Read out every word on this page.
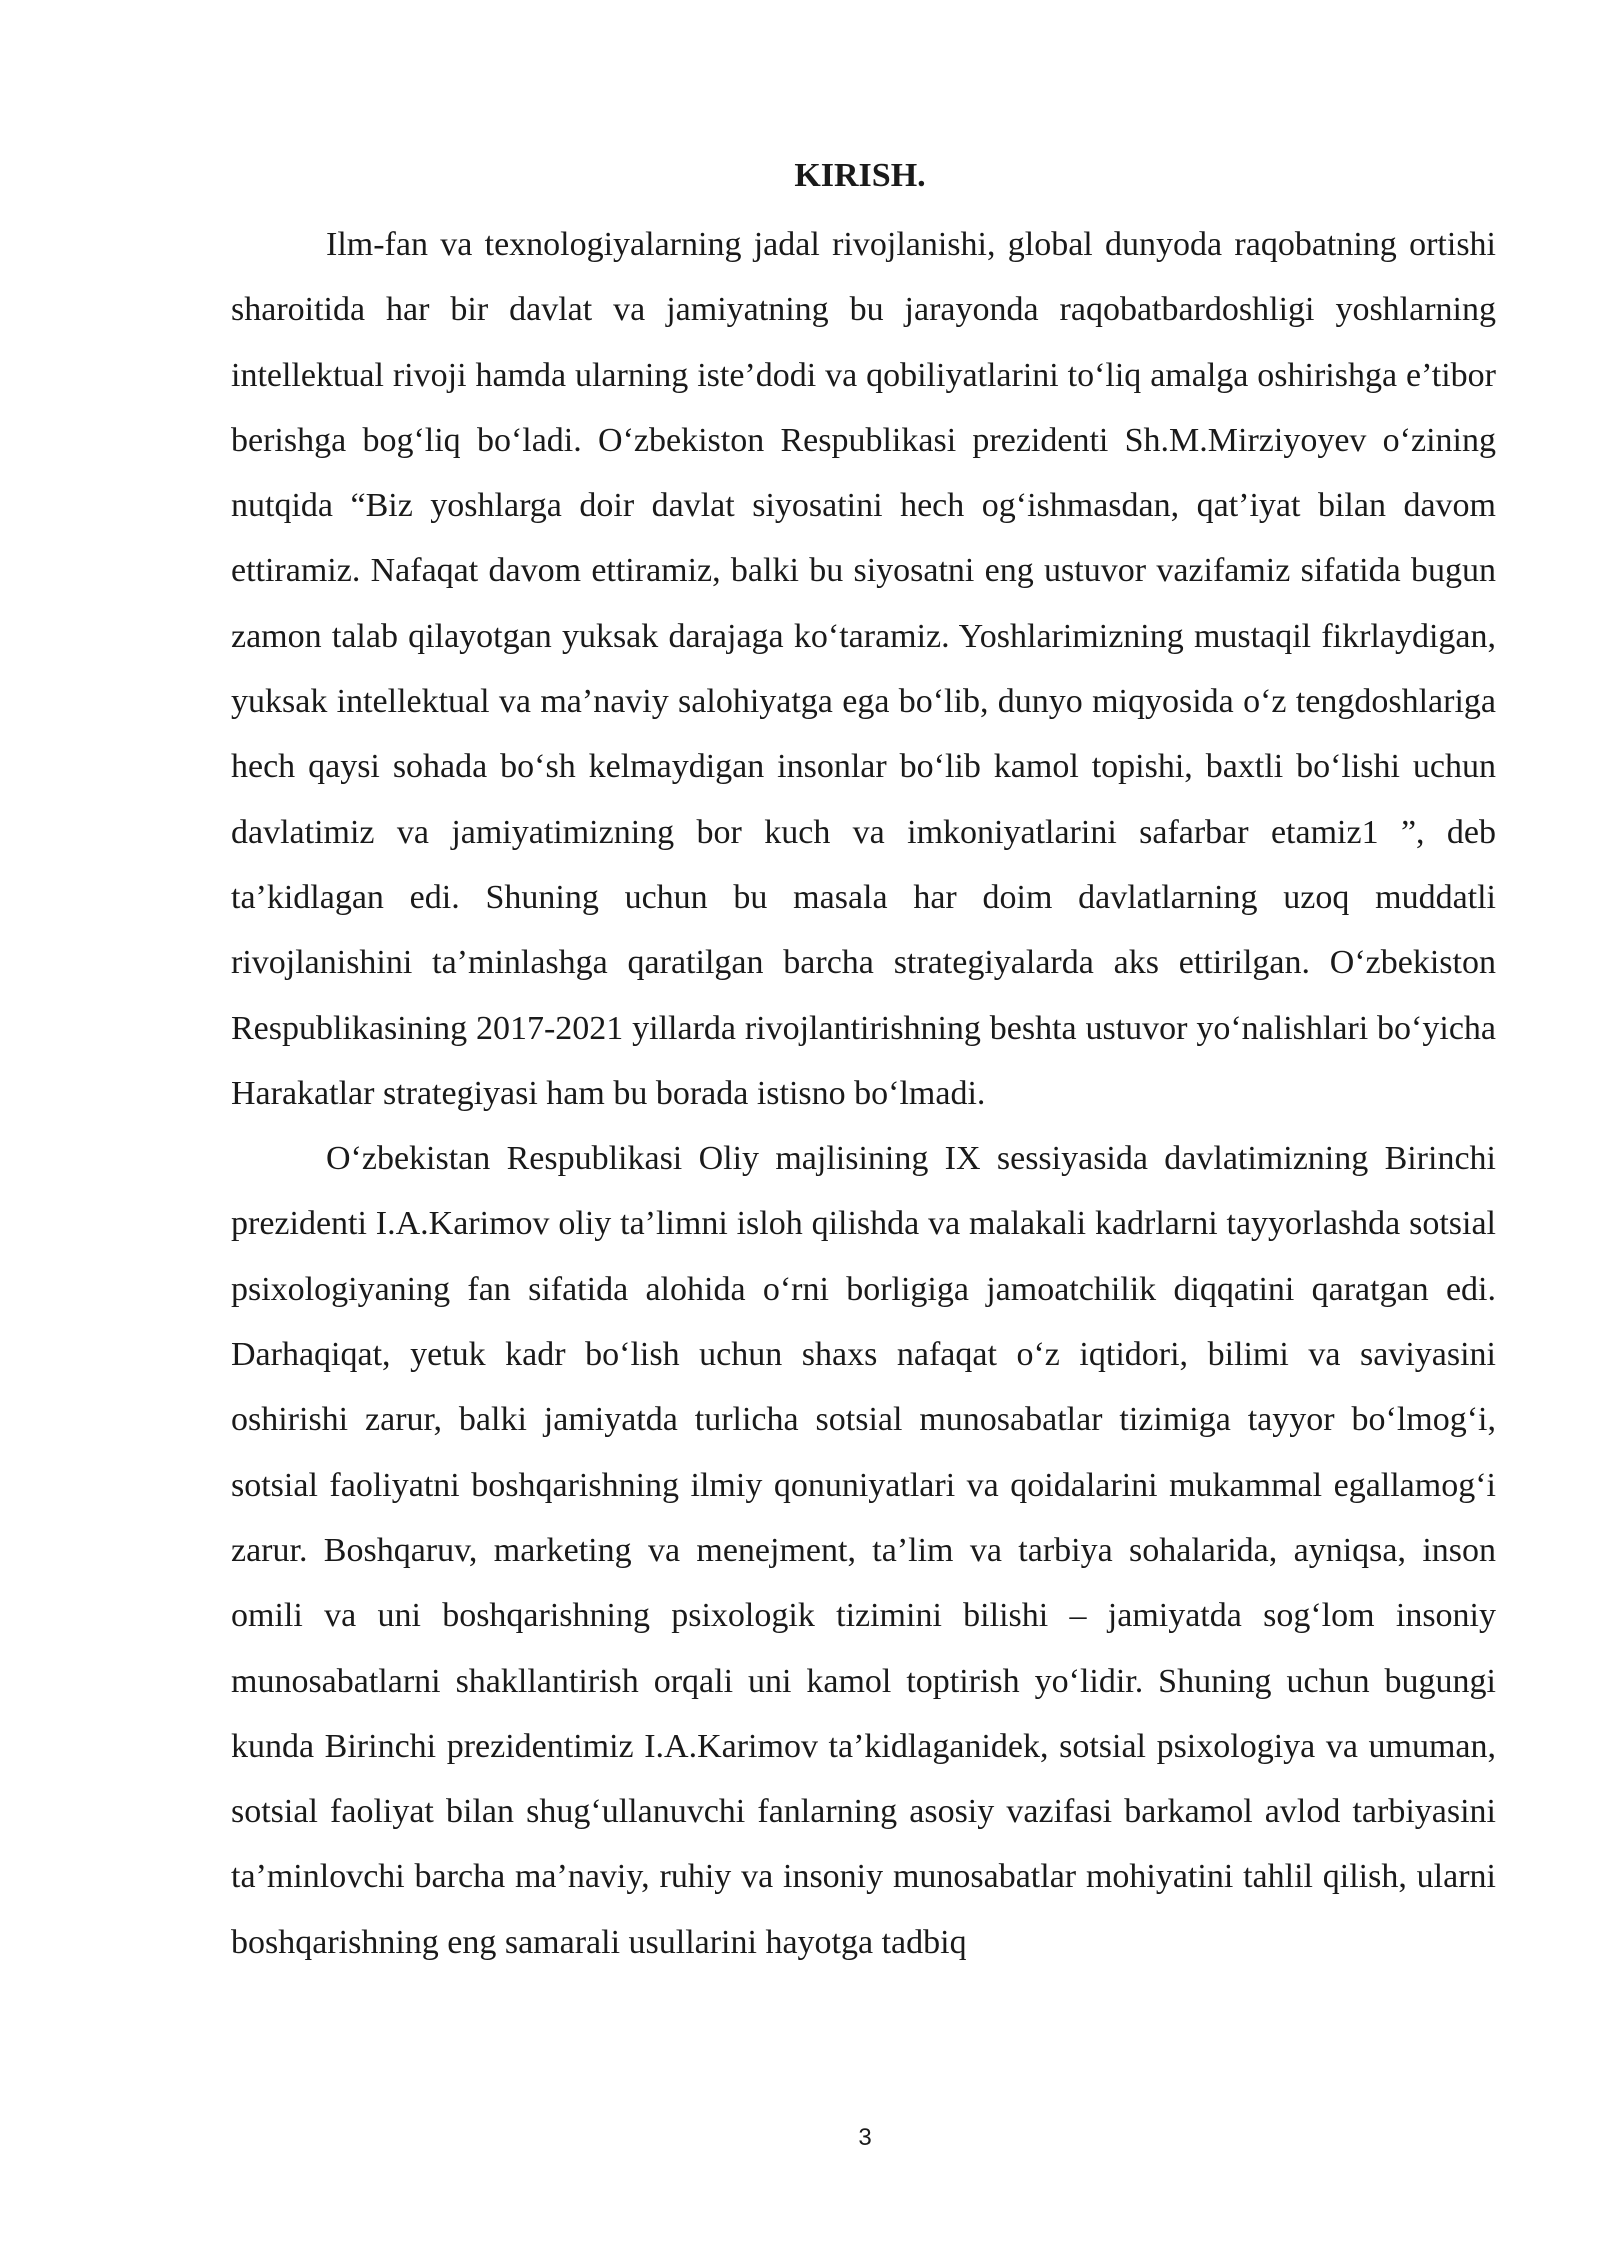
KIRISH.

Ilm-fan va texnologiyalarning jadal rivojlanishi, global dunyoda raqobatning ortishi sharoitida har bir davlat va jamiyatning bu jarayonda raqobatbardoshligi yoshlarning intellektual rivoji hamda ularning iste’dodi va qobiliyatlarini to‘liq amalga oshirishga e’tibor berishga bog‘liq bo‘ladi. O‘zbekiston Respublikasi prezidenti Sh.M.Mirziyoyev o‘zining nutqida “Biz yoshlarga doir davlat siyosatini hech og‘ishmasdan, qat’iyat bilan davom ettiramiz. Nafaqat davom ettiramiz, balki bu siyosatni eng ustuvor vazifamiz sifatida bugun zamon talab qilayotgan yuksak darajaga ko‘taramiz. Yoshlarimizning mustaqil fikrlaydigan, yuksak intellektual va ma’naviy salohiyatga ega bo‘lib, dunyo miqyosida o‘z tengdoshlariga hech qaysi sohada bo‘sh kelmaydigan insonlar bo‘lib kamol topishi, baxtli bo‘lishi uchun davlatimiz va jamiyatimizning bor kuch va imkoniyatlarini safarbar etamiz1 ”, deb ta’kidlagan edi. Shuning uchun bu masala har doim davlatlarning uzoq muddatli rivojlanishini ta’minlashga qaratilgan barcha strategiyalarda aks ettirilgan. O‘zbekiston Respublikasining 2017-2021 yillarda rivojlantirishning beshta ustuvor yo‘nalishlari bo‘yicha Harakatlar strategiyasi ham bu borada istisno bo‘lmadi.

O‘zbekistan Respublikasi Oliy majlisining IX sessiyasida davlatimizning Birinchi prezidenti I.A.Karimov oliy ta’limni isloh qilishda va malakali kadrlarni tayyorlashda sotsial psixologiyaning fan sifatida alohida o‘rni borligiga jamoatchilik diqqatini qaratgan edi. Darhaqiqat, yetuk kadr bo‘lish uchun shaxs nafaqat o‘z iqtidori, bilimi va saviyasini oshirishi zarur, balki jamiyatda turlicha sotsial munosabatlar tizimiga tayyor bo‘lmog‘i, sotsial faoliyatni boshqarishning ilmiy qonuniyatlari va qoidalarini mukammal egallamog‘i zarur. Boshqaruv, marketing va menejment, ta’lim va tarbiya sohalarida, ayniqsa, inson omili va uni boshqarishning psixologik tizimini bilishi – jamiyatda sog‘lom insoniy munosabatlarni shakllantirish orqali uni kamol toptirish yo‘lidir. Shuning uchun bugungi kunda Birinchi prezidentimiz I.A.Karimov ta’kidlaganidek, sotsial psixologiya va umuman, sotsial faoliyat bilan shug‘ullanuvchi fanlarning asosiy vazifasi barkamol avlod tarbiyasini ta’minlovchi barcha ma’naviy, ruhiy va insoniy munosabatlar mohiyatini tahlil qilish, ularni boshqarishning eng samarali usullarini hayotga tadbiq

3
